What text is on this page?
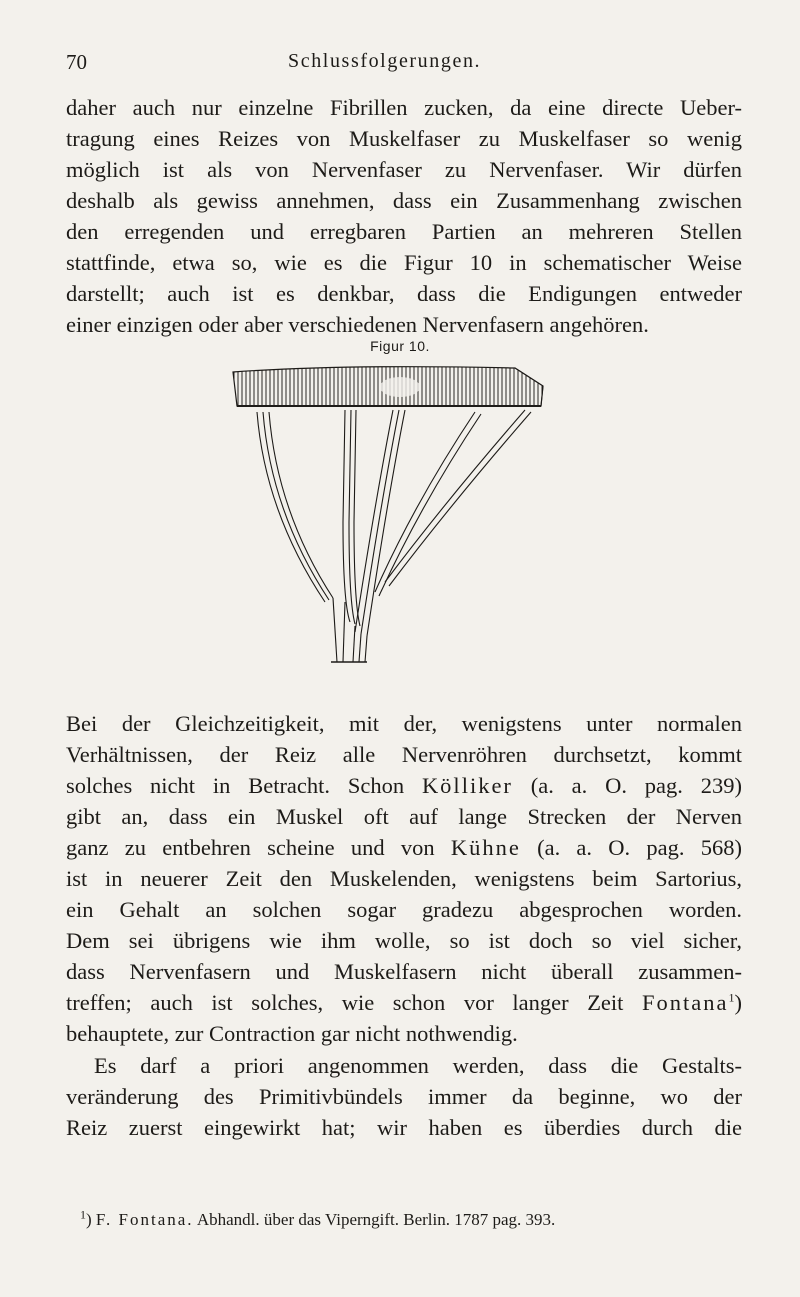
70	Schlussfolgerungen.
daher auch nur einzelne Fibrillen zucken, da eine directe Ueber-
tragung eines Reizes von Muskelfaser zu Muskelfaser so wenig
möglich ist als von Nervenfaser zu Nervenfaser. Wir dürfen
deshalb als gewiss annehmen, dass ein Zusammenhang zwischen
den erregenden und erregbaren Partien an mehreren Stellen
stattfinde, etwa so, wie es die Figur 10 in schematischer Weise
darstellt; auch ist es denkbar, dass die Endigungen entweder
einer einzigen oder aber verschiedenen Nervenfasern angehören.
Figur 10.
Bei der Gleichzeitigkeit, mit der, wenigstens unter normalen
Verhältnissen, der Reiz alle Nervenröhren durchsetzt, kommt
solches nicht in Betracht. Schon Kölliker (a. a. O. pag. 239)
gibt an, dass ein Muskel oft auf lange Strecken der Nerven
ganz zu entbehren scheine und von Kühne (a. a. O. pag. 568)
ist in neuerer Zeit den Muskelenden, wenigstens beim Sartorius,
ein Gehalt an solchen sogar gradezu abgesprochen worden.
Dem sei übrigens wie ihm wolle, so ist doch so viel sicher,
dass Nervenfasern und Muskelfasern nicht überall zusammen-
treffen; auch ist solches, wie schon vor langer Zeit Fontana$^1$)
behauptete, zur Contraction gar nicht nothwendig.
Es darf a priori angenommen werden, dass die Gestalts-
veränderung des Primitivbündels immer da beginne, wo der
Reiz zuerst eingewirkt hat; wir haben es überdies durch die
$^1$) F. Fontana. Abhandl. über das Viperngift. Berlin. 1787 pag. 393.
